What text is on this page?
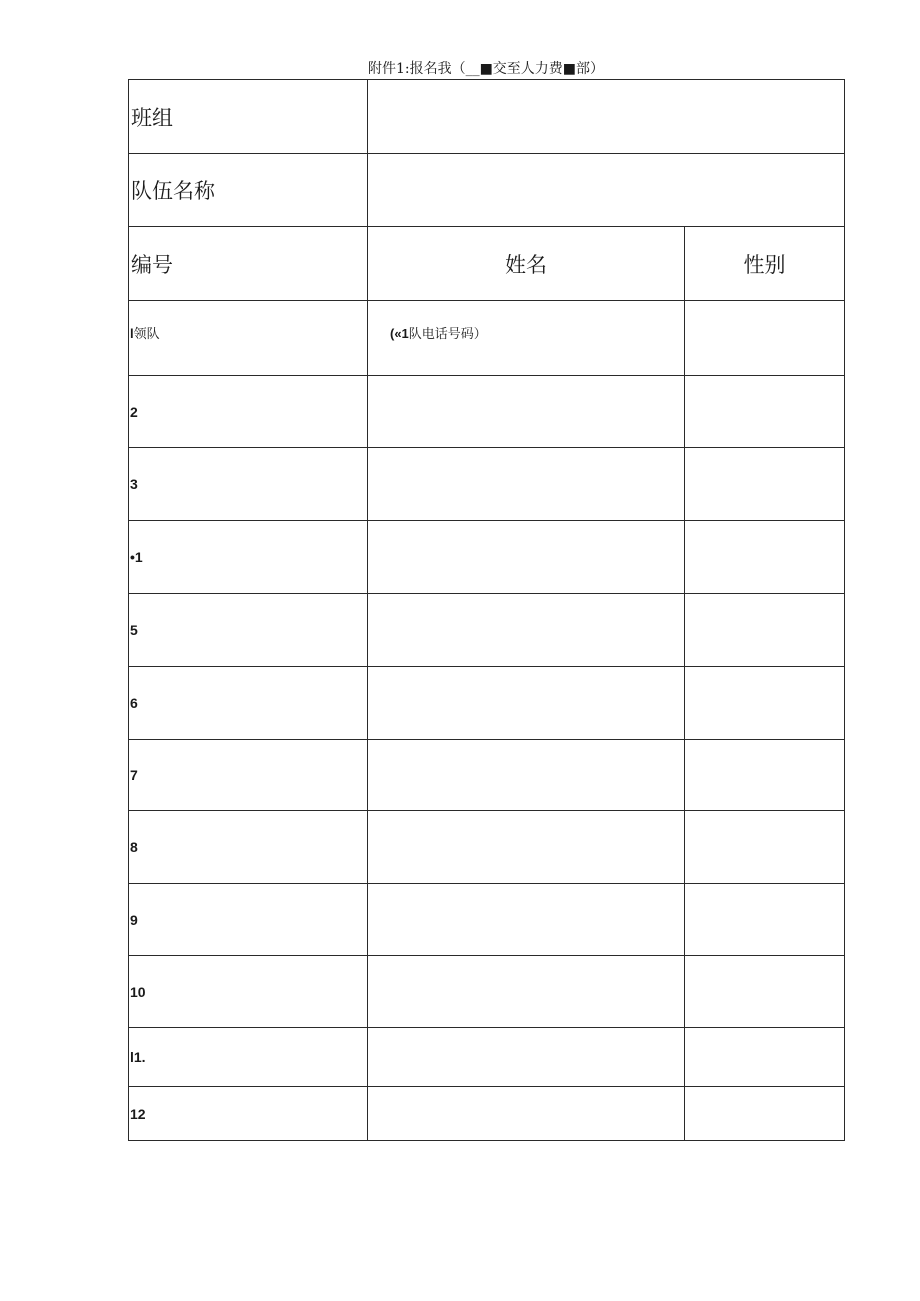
附件1:报名我（__■交至人力费■部）
班组		
队伍名称		
编号	姓名	性别
l领队	(«1队电话号码）	
2		
3		
•1		
5		
6		
7		
8		
9		
10		
l1.		
12		
